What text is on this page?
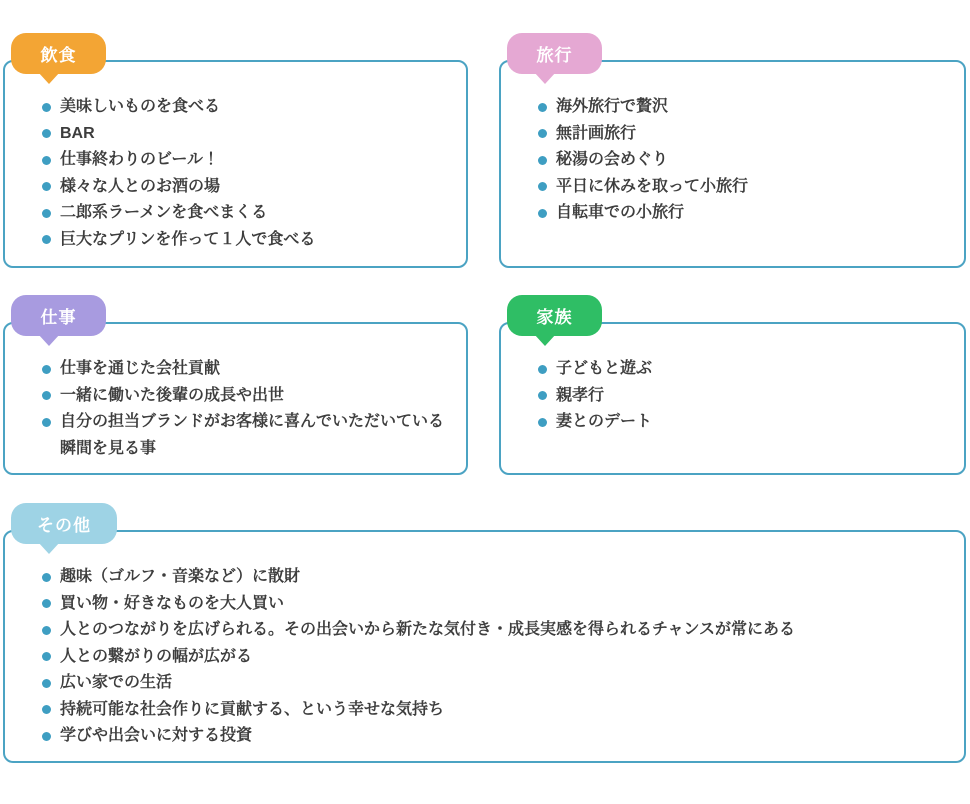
飲食
美味しいものを食べる
BAR
仕事終わりのビール！
様々な人とのお酒の場
二郎系ラーメンを食べまくる
巨大なプリンを作って１人で食べる
旅行
海外旅行で贅沢
無計画旅行
秘湯の会めぐり
平日に休みを取って小旅行
自転車での小旅行
仕事
仕事を通じた会社貢献
一緒に働いた後輩の成長や出世
自分の担当ブランドがお客様に喜んでいただいている瞬間を見る事
家族
子どもと遊ぶ
親孝行
妻とのデート
その他
趣味（ゴルフ・音楽など）に散財
買い物・好きなものを大人買い
人とのつながりを広げられる。その出会いから新たな気付き・成長実感を得られるチャンスが常にある
人との繋がりの幅が広がる
広い家での生活
持続可能な社会作りに貢献する、という幸せな気持ち
学びや出会いに対する投資
